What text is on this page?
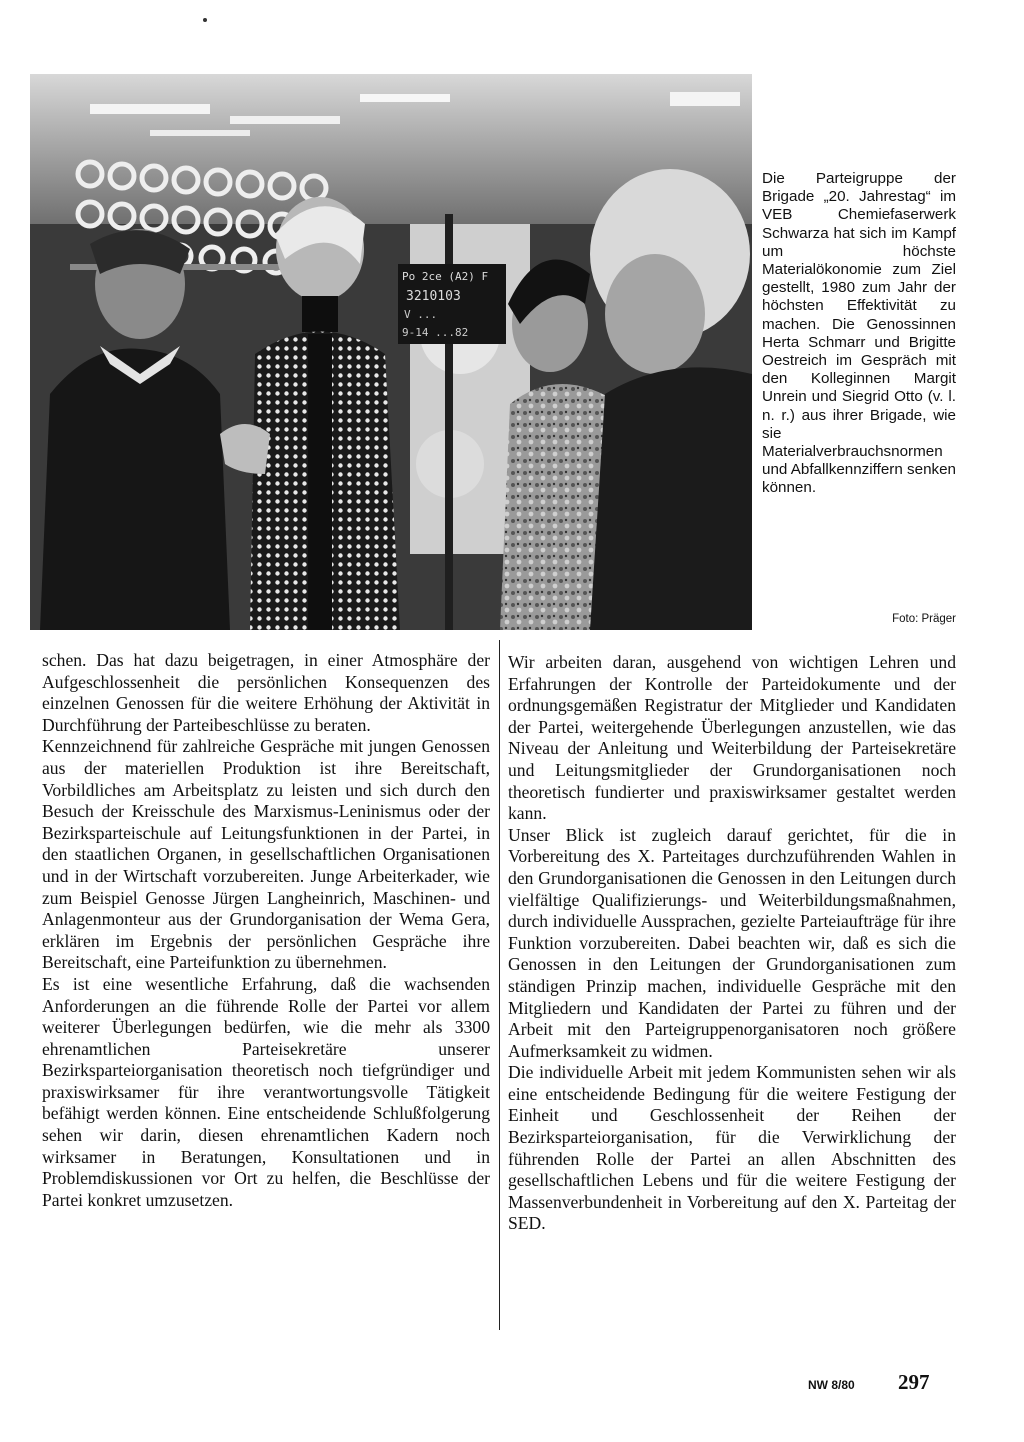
Po 2ce (A2) F
3210103
V ...
9-14 ...82
Die Parteigruppe der Brigade „20. Jahrestag“ im VEB Chemiefaserwerk Schwarza hat sich im Kampf um höchste Materialökonomie zum Ziel gestellt, 1980 zum Jahr der höchsten Effektivität zu machen. Die Genossinnen Herta Schmarr und Brigitte Oestreich im Gespräch mit den Kolleginnen Margit Unrein und Siegrid Otto (v. l. n. r.) aus ihrer Brigade, wie sie Materialverbrauchsnormen und Abfallkennziffern senken können.
Foto: Präger

schen. Das hat dazu beigetragen, in einer Atmosphäre der Aufgeschlossenheit die persönlichen Konsequenzen des einzelnen Genossen für die weitere Erhöhung der Aktivität in Durchführung der Parteibeschlüsse zu beraten.

Kennzeichnend für zahlreiche Gespräche mit jungen Genossen aus der materiellen Produktion ist ihre Bereitschaft, Vorbildliches am Arbeitsplatz zu leisten und sich durch den Besuch der Kreisschule des Marxismus-Leninismus oder der Bezirksparteischule auf Leitungsfunktionen in der Partei, in den staatlichen Organen, in gesellschaftlichen Organisationen und in der Wirtschaft vorzubereiten. Junge Arbeiterkader, wie zum Beispiel Genosse Jürgen Langheinrich, Maschinen- und Anlagenmonteur aus der Grundorganisation der Wema Gera, erklären im Ergebnis der persönlichen Gespräche ihre Bereitschaft, eine Parteifunktion zu übernehmen.

Es ist eine wesentliche Erfahrung, daß die wachsenden Anforderungen an die führende Rolle der Partei vor allem weiterer Überlegungen bedürfen, wie die mehr als 3300 ehrenamtlichen Parteisekretäre unserer Bezirksparteiorganisation theoretisch noch tiefgründiger und praxiswirksamer für ihre verantwortungsvolle Tätigkeit befähigt werden können. Eine entscheidende Schlußfolgerung sehen wir darin, diesen ehrenamtlichen Kadern noch wirksamer in Beratungen, Konsultationen und in Problemdiskussionen vor Ort zu helfen, die Beschlüsse der Partei konkret umzusetzen.

Wir arbeiten daran, ausgehend von wichtigen Lehren und Erfahrungen der Kontrolle der Parteidokumente und der ordnungsgemäßen Registratur der Mitglieder und Kandidaten der Partei, weitergehende Überlegungen anzustellen, wie das Niveau der Anleitung und Weiterbildung der Parteisekretäre und Leitungsmitglieder der Grundorganisationen noch theoretisch fundierter und praxiswirksamer gestaltet werden kann.

Unser Blick ist zugleich darauf gerichtet, für die in Vorbereitung des X. Parteitages durchzuführenden Wahlen in den Grundorganisationen die Genossen in den Leitungen durch vielfältige Qualifizierungs- und Weiterbildungsmaßnahmen, durch individuelle Aussprachen, gezielte Parteiaufträge für ihre Funktion vorzubereiten. Dabei beachten wir, daß es sich die Genossen in den Leitungen der Grundorganisationen zum ständigen Prinzip machen, individuelle Gespräche mit den Mitgliedern und Kandidaten der Partei zu führen und der Arbeit mit den Parteigruppenorganisatoren noch größere Aufmerksamkeit zu widmen.

Die individuelle Arbeit mit jedem Kommunisten sehen wir als eine entscheidende Bedingung für die weitere Festigung der Einheit und Geschlossenheit der Reihen der Bezirksparteiorganisation, für die Verwirklichung der führenden Rolle der Partei an allen Abschnitten des gesellschaftlichen Lebens und für die weitere Festigung der Massenverbundenheit in Vorbereitung auf den X. Parteitag der SED.

NW 8/80 297
